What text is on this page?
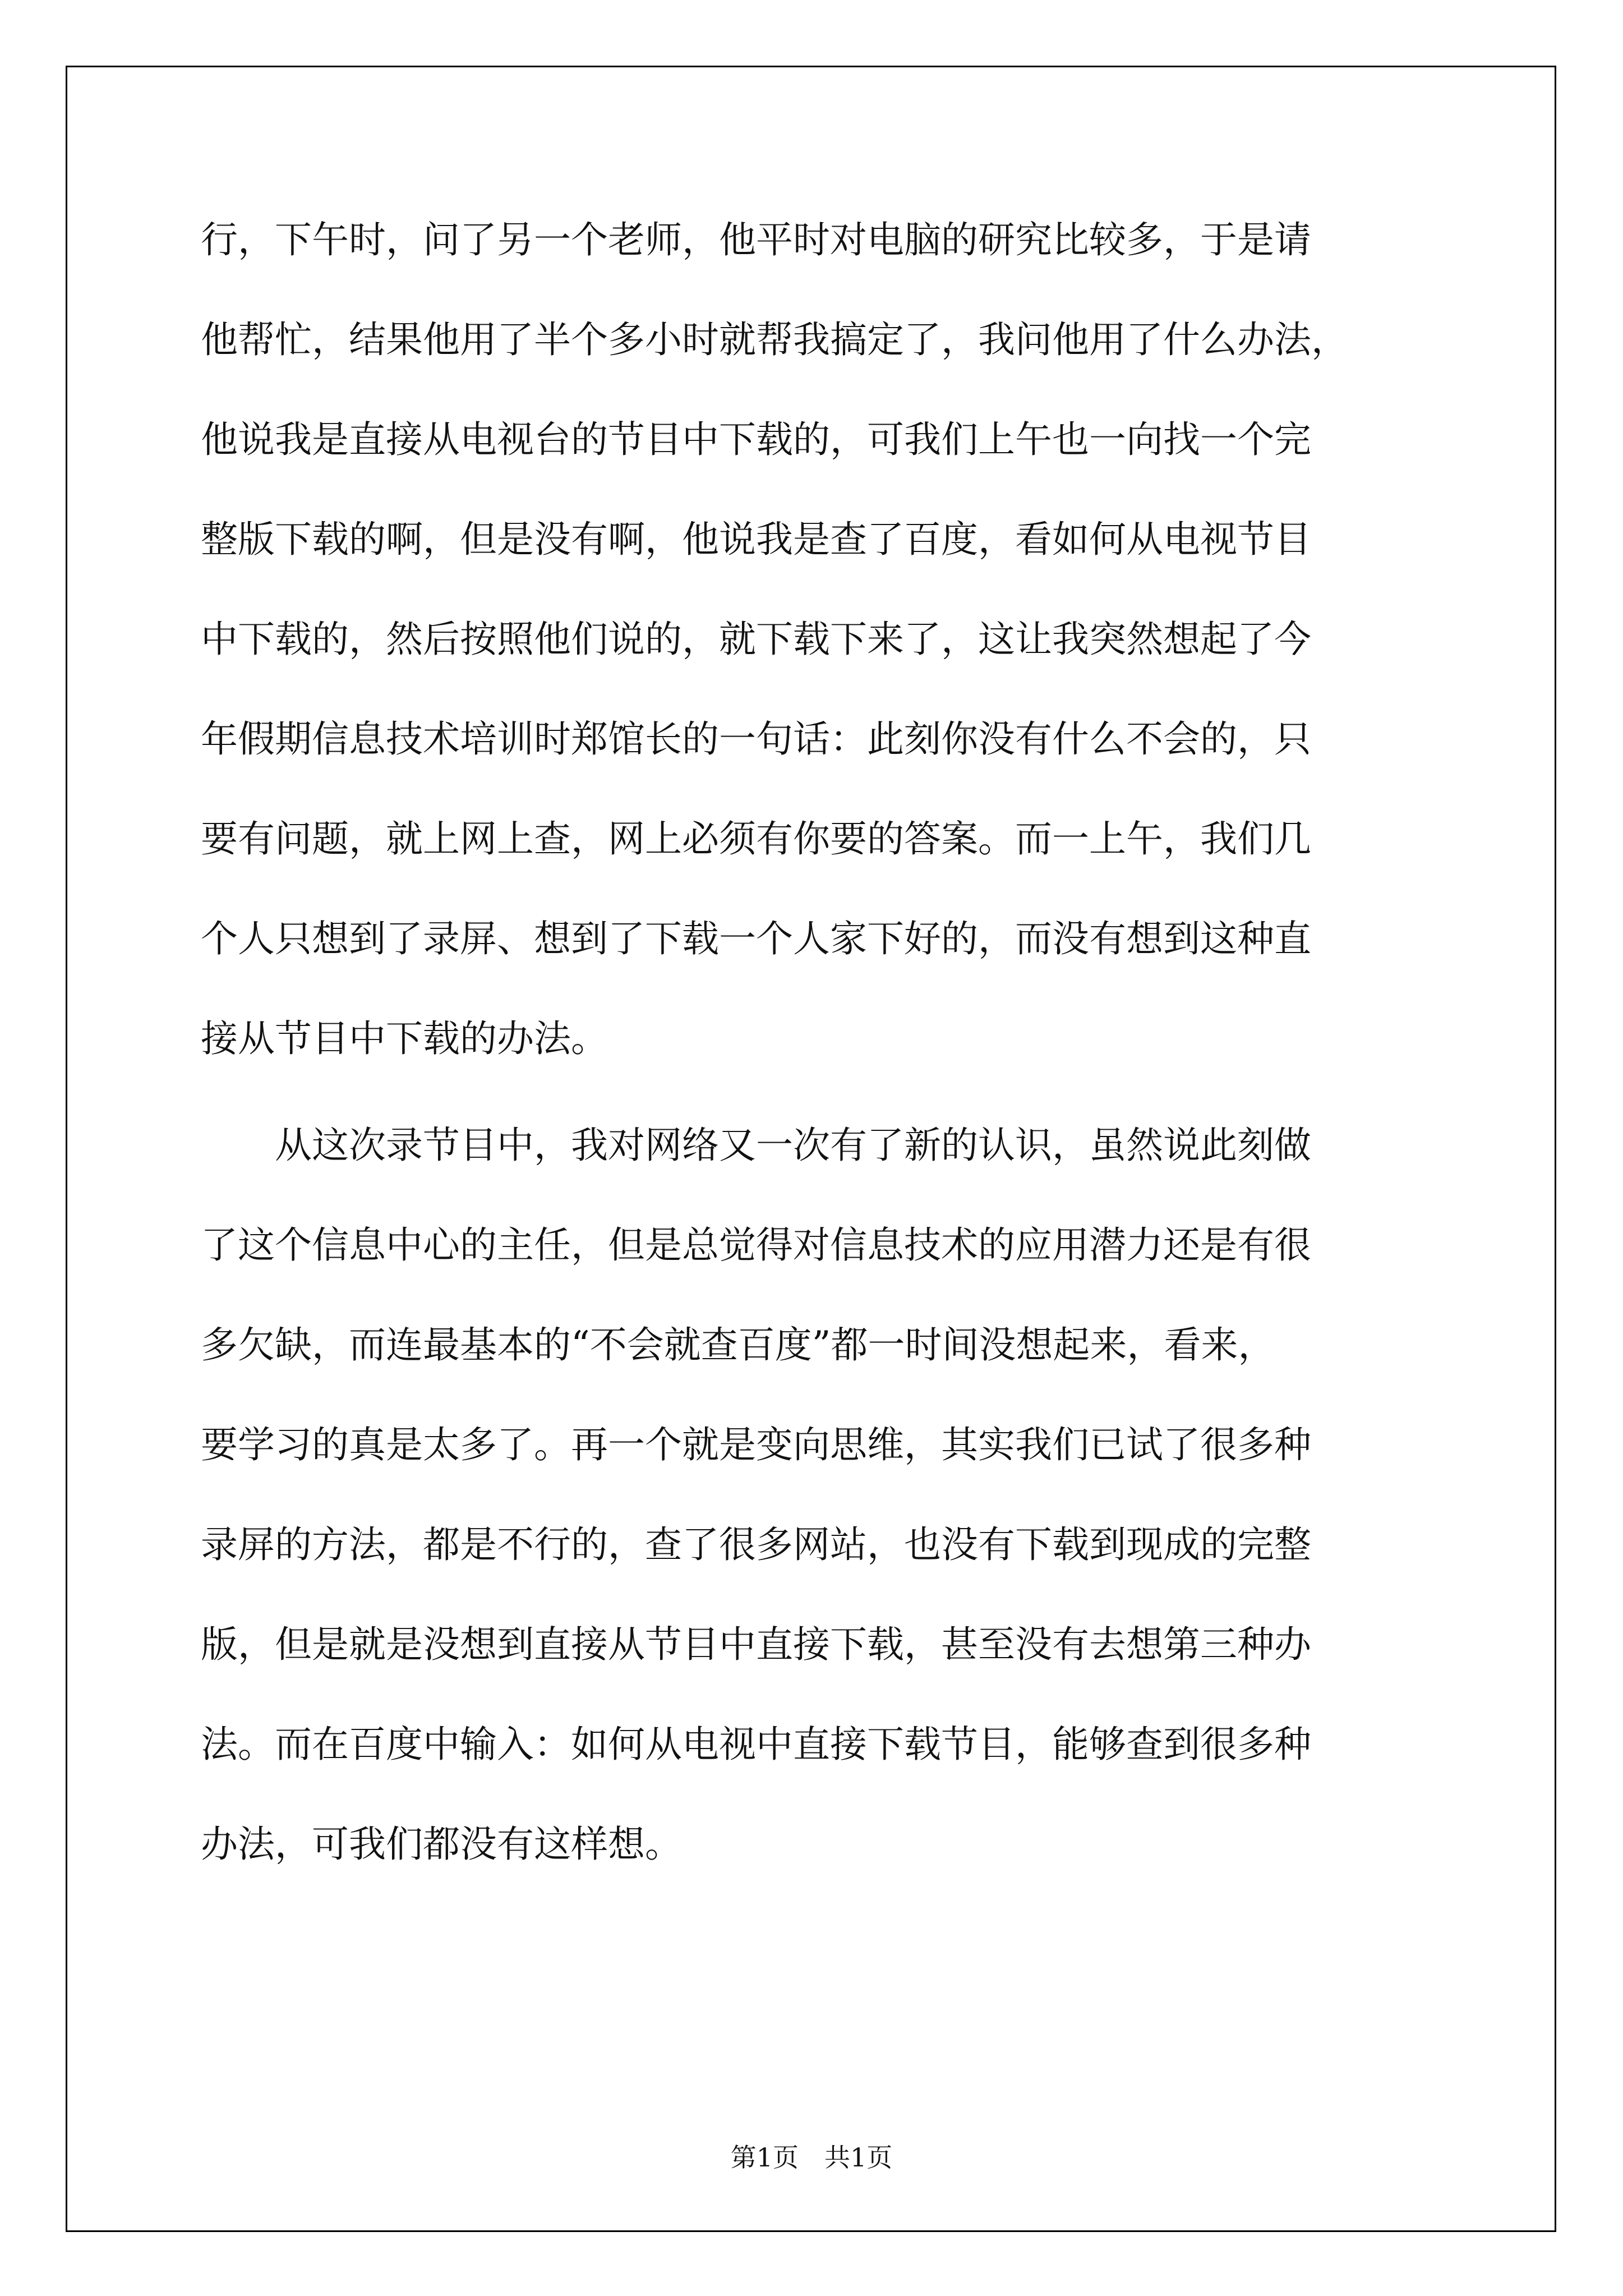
行，下午时，问了另一个老师，他平时对电脑的研究比较多，于是请
他帮忙，结果他用了半个多小时就帮我搞定了，我问他用了什么办法，
他说我是直接从电视台的节目中下载的，可我们上午也一向找一个完
整版下载的啊，但是没有啊，他说我是查了百度，看如何从电视节目
中下载的，然后按照他们说的，就下载下来了，这让我突然想起了今
年假期信息技术培训时郑馆长的一句话：此刻你没有什么不会的，只
要有问题，就上网上查，网上必须有你要的答案。而一上午，我们几
个人只想到了录屏、想到了下载一个人家下好的，而没有想到这种直
接从节目中下载的办法。
　　从这次录节目中，我对网络又一次有了新的认识，虽然说此刻做
了这个信息中心的主任，但是总觉得对信息技术的应用潜力还是有很
多欠缺，而连最基本的“不会就查百度”都一时间没想起来，看来，
要学习的真是太多了。再一个就是变向思维，其实我们已试了很多种
录屏的方法，都是不行的，查了很多网站，也没有下载到现成的完整
版，但是就是没想到直接从节目中直接下载，甚至没有去想第三种办
法。而在百度中输入：如何从电视中直接下载节目，能够查到很多种
办法，可我们都没有这样想。
第1页　共1页
